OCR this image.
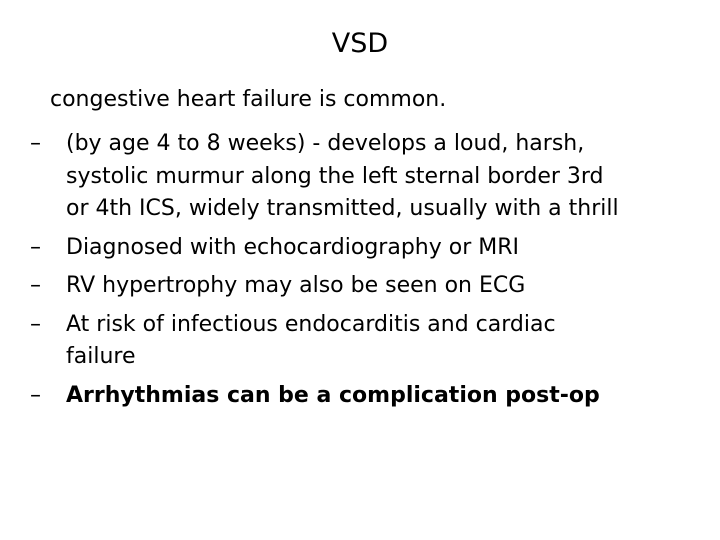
VSD
congestive heart failure is common.
–	(by age 4 to 8 weeks) - develops a loud, harsh,
systolic murmur along the left sternal border 3rd
or 4th ICS, widely transmitted, usually with a thrill
–	Diagnosed with echocardiography or MRI
–	RV hypertrophy may also be seen on ECG
–	At risk of infectious endocarditis and cardiac
failure
–	Arrhythmias can be a complication post-op
